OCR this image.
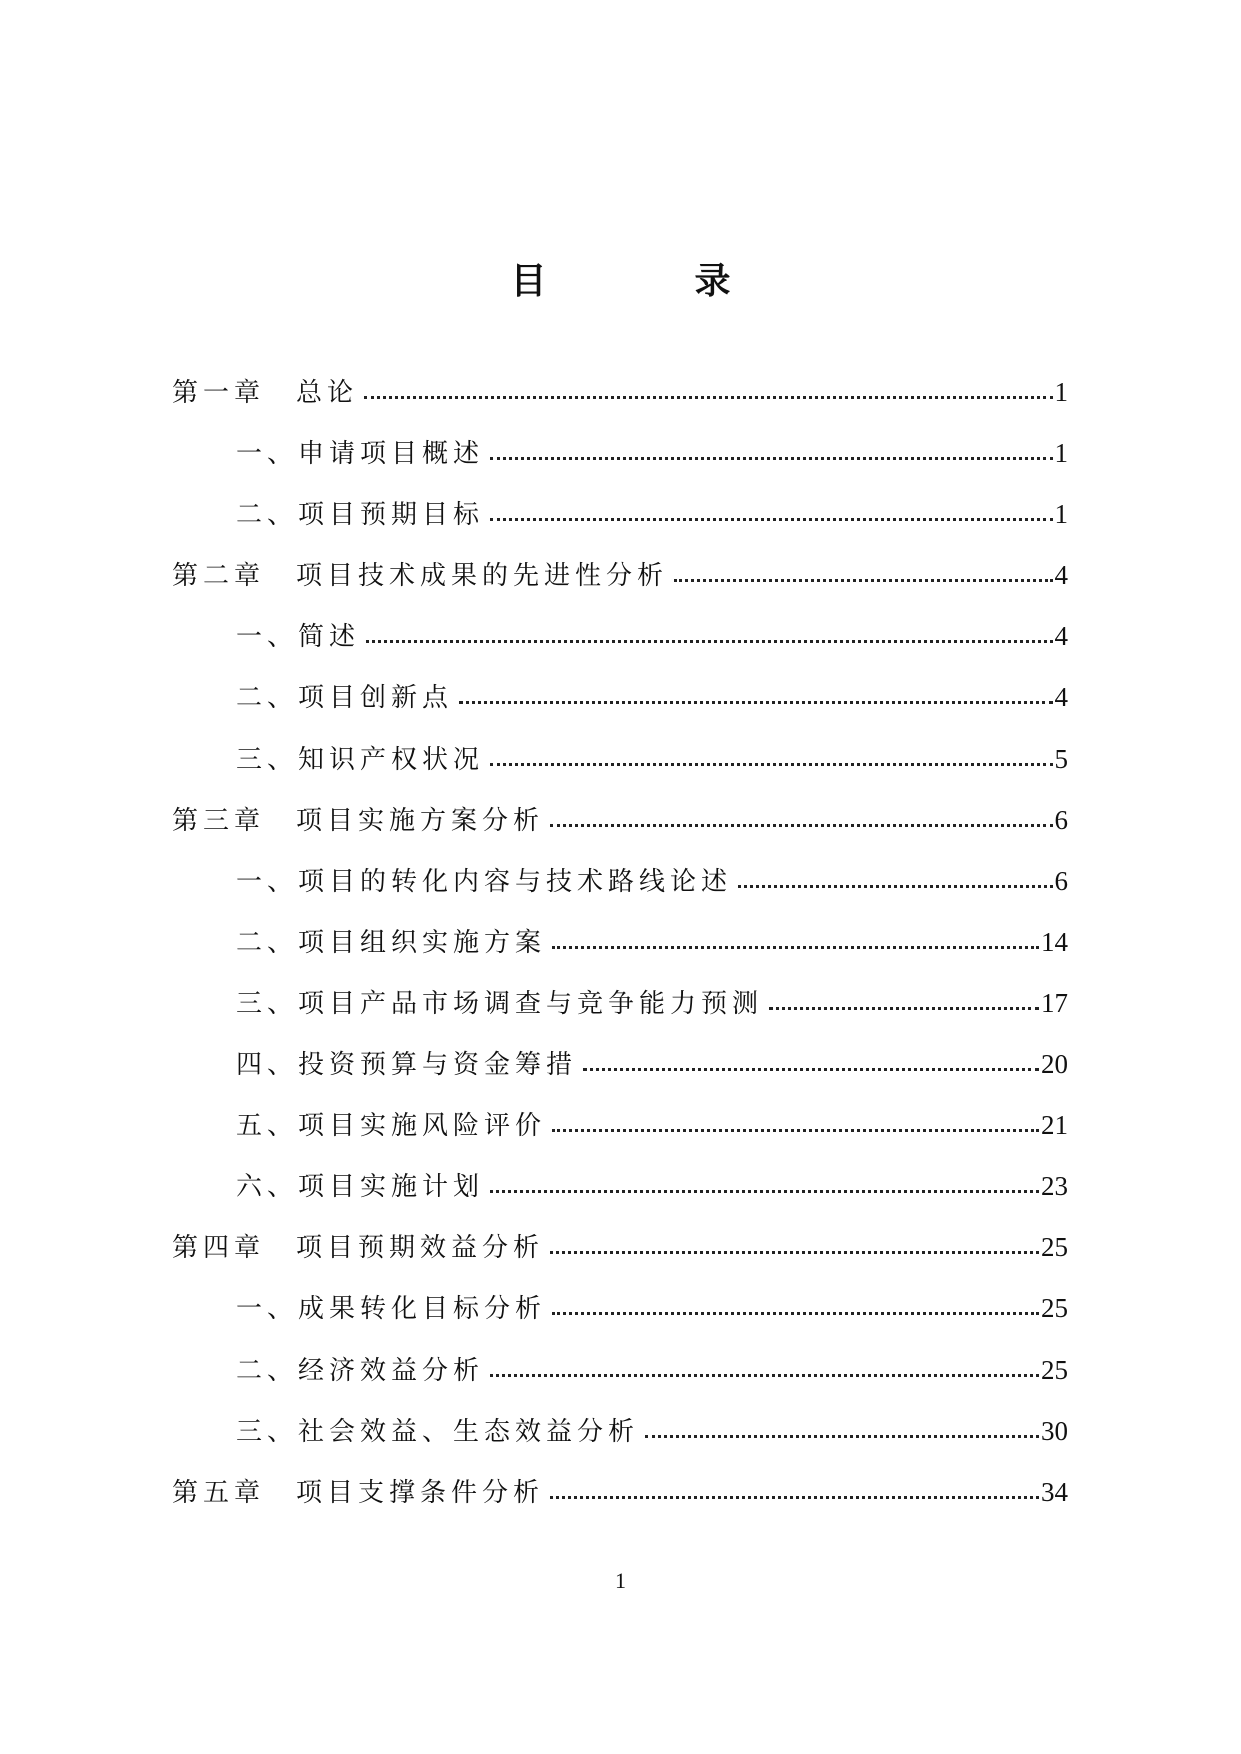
目　录
第一章 总论	1
一、申请项目概述	1
二、项目预期目标	1
第二章 项目技术成果的先进性分析	4
一、简述	4
二、项目创新点	4
三、知识产权状况	5
第三章 项目实施方案分析	6
一、项目的转化内容与技术路线论述	6
二、项目组织实施方案	14
三、项目产品市场调查与竞争能力预测	17
四、投资预算与资金筹措	20
五、项目实施风险评价	21
六、项目实施计划	23
第四章 项目预期效益分析	25
一、成果转化目标分析	25
二、经济效益分析	25
三、社会效益、生态效益分析	30
第五章 项目支撑条件分析	34
1
